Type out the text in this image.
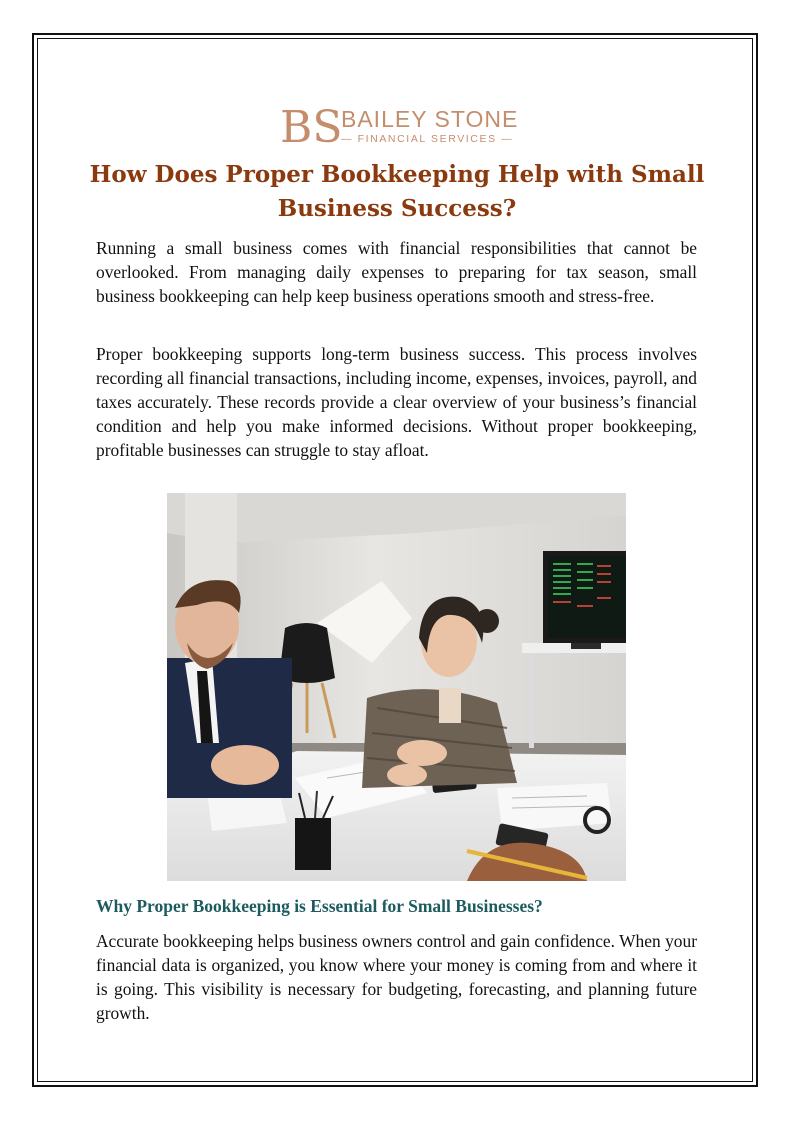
BS
BAILEY STONE
— FINANCIAL SERVICES —
How Does Proper Bookkeeping Help with Small Business Success?

Running a small business comes with financial responsibilities that cannot be overlooked. From managing daily expenses to preparing for tax season, small business bookkeeping can help keep business operations smooth and stress-free.

Proper bookkeeping supports long-term business success. This process involves recording all financial transactions, including income, expenses, invoices, payroll, and taxes accurately. These records provide a clear overview of your business’s financial condition and help you make informed decisions. Without proper bookkeeping, profitable businesses can struggle to stay afloat.

Why Proper Bookkeeping is Essential for Small Businesses?

Accurate bookkeeping helps business owners control and gain confidence. When your financial data is organized, you know where your money is coming from and where it is going. This visibility is necessary for budgeting, forecasting, and planning future growth.
